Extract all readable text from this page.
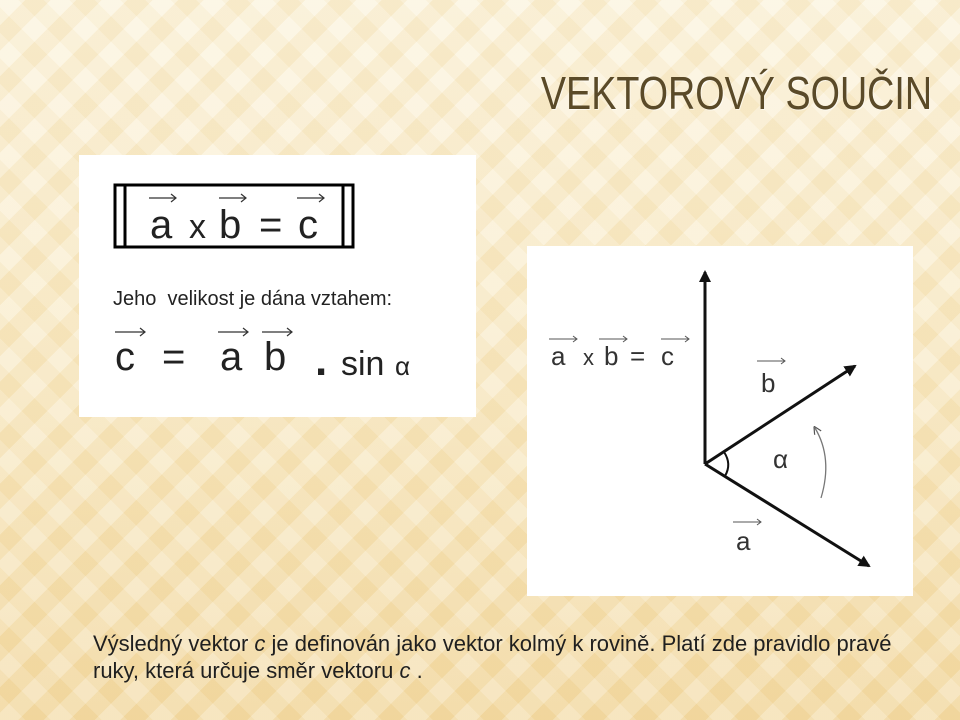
VEKTOROVÝ SOUČIN
a x b = c
Jeho  velikost je dána vztahem:
c = a b . sin α	a x b = c
b
α
a

Výsledný vektor c je definován jako vektor kolmý k rovině. Platí zde pravidlo pravé ruky, která určuje směr vektoru c .
